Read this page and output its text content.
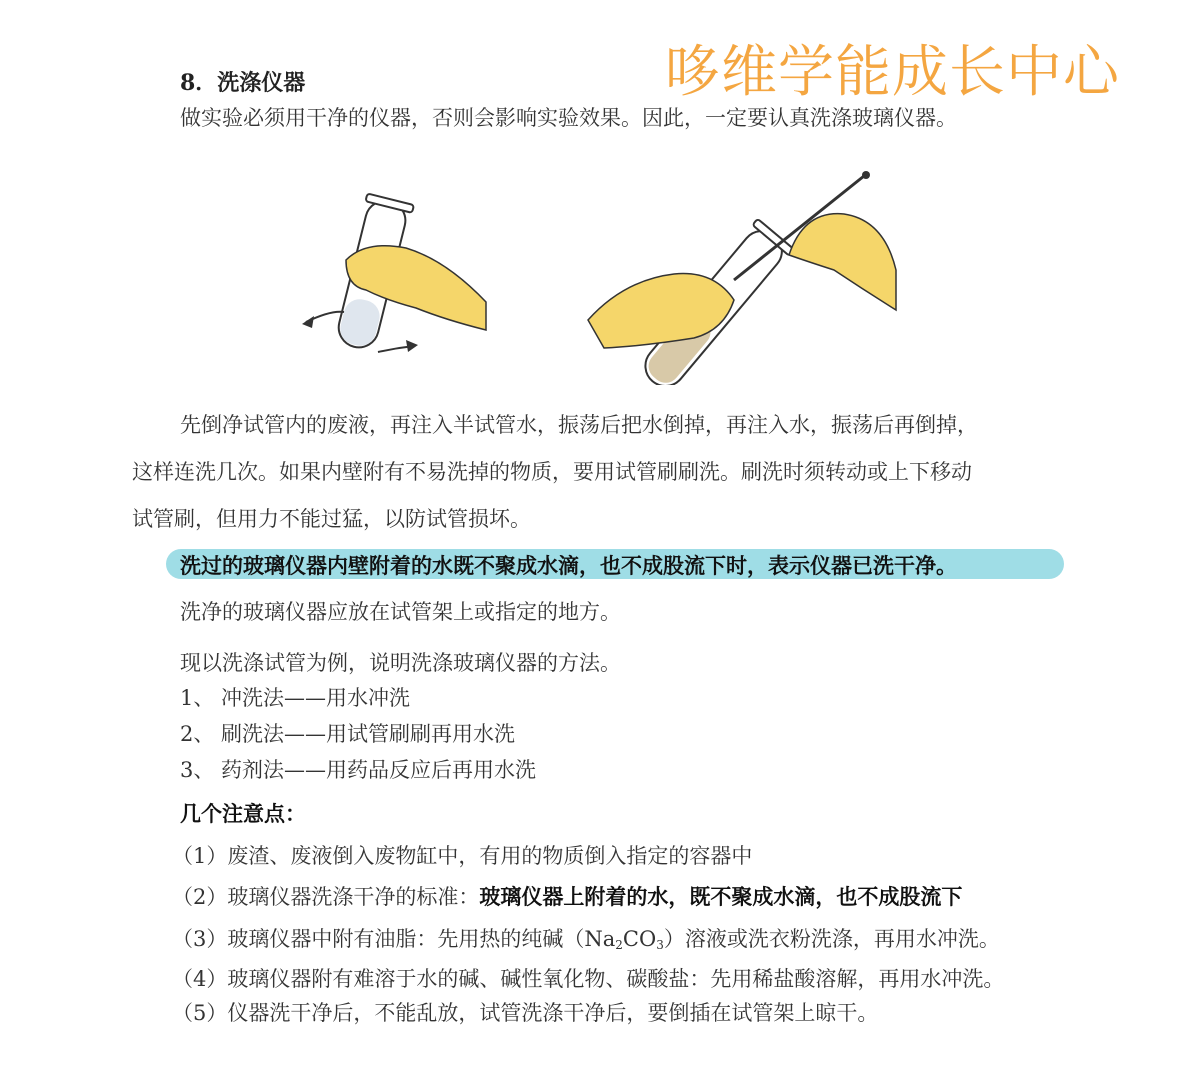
哆维学能成长中心
8．洗涤仪器
做实验必须用干净的仪器，否则会影响实验效果。因此，一定要认真洗涤玻璃仪器。
先倒净试管内的废液，再注入半试管水，振荡后把水倒掉，再注入水，振荡后再倒掉，
这样连洗几次。如果内壁附有不易洗掉的物质，要用试管刷刷洗。刷洗时须转动或上下移动
试管刷，但用力不能过猛，以防试管损坏。
洗过的玻璃仪器内壁附着的水既不聚成水滴，也不成股流下时，表示仪器已洗干净。
洗净的玻璃仪器应放在试管架上或指定的地方。
现以洗涤试管为例，说明洗涤玻璃仪器的方法。
1、 冲洗法——用水冲洗
2、 刷洗法——用试管刷刷再用水洗
3、 药剂法——用药品反应后再用水洗
几个注意点：
（1）废渣、废液倒入废物缸中，有用的物质倒入指定的容器中
（2）玻璃仪器洗涤干净的标准：玻璃仪器上附着的水，既不聚成水滴，也不成股流下
（3）玻璃仪器中附有油脂：先用热的纯碱$(Na_2CO_3)$溶液或洗衣粉洗涤，再用水冲洗。
（4）玻璃仪器附有难溶于水的碱、碱性氧化物、碳酸盐：先用稀盐酸溶解，再用水冲洗。
（5）仪器洗干净后，不能乱放，试管洗涤干净后，要倒插在试管架上晾干。
